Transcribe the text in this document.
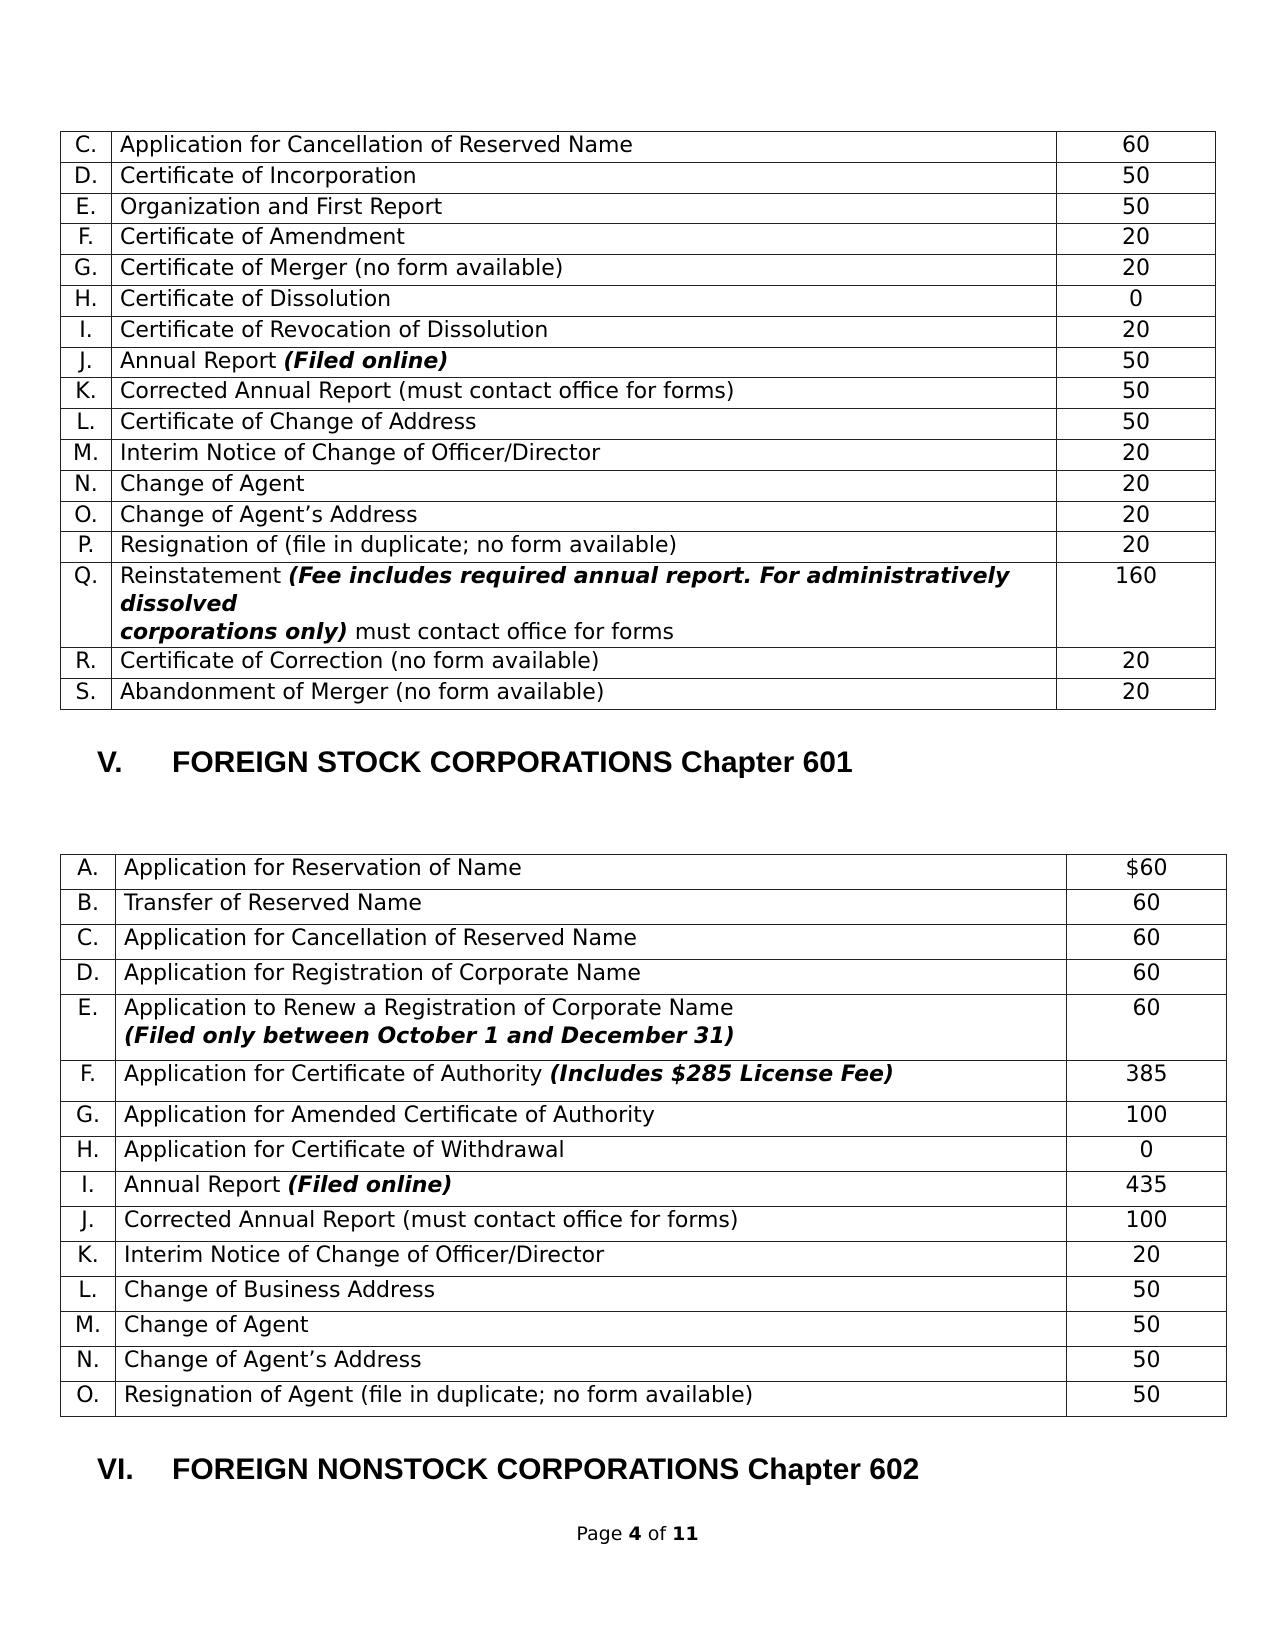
C.	Application for Cancellation of Reserved Name	60
D.	Certificate of Incorporation	50
E.	Organization and First Report	50
F.	Certificate of Amendment	20
G.	Certificate of Merger (no form available)	20
H.	Certificate of Dissolution	0
I.	Certificate of Revocation of Dissolution	20
J.	Annual Report (Filed online)	50
K.	Corrected Annual Report (must contact office for forms)	50
L.	Certificate of Change of Address	50
M.	Interim Notice of Change of Officer/Director	20
N.	Change of Agent	20
O.	Change of Agent’s Address	20
P.	Resignation of (file in duplicate; no form available)	20
Q.	Reinstatement (Fee includes required annual report. For administratively dissolved
corporations only) must contact office for forms	160
R.	Certificate of Correction (no form available)	20
S.	Abandonment of Merger (no form available)	20
V. FOREIGN STOCK CORPORATIONS Chapter 601
A.	Application for Reservation of Name	$60
B.	Transfer of Reserved Name	60
C.	Application for Cancellation of Reserved Name	60
D.	Application for Registration of Corporate Name	60
E.	Application to Renew a Registration of Corporate Name
(Filed only between October 1 and December 31)	60
F.	Application for Certificate of Authority (Includes $285 License Fee)	385
G.	Application for Amended Certificate of Authority	100
H.	Application for Certificate of Withdrawal	0
I.	Annual Report (Filed online)	435
J.	Corrected Annual Report (must contact office for forms)	100
K.	Interim Notice of Change of Officer/Director	20
L.	Change of Business Address	50
M.	Change of Agent	50
N.	Change of Agent’s Address	50
O.	Resignation of Agent (file in duplicate; no form available)	50
VI. FOREIGN NONSTOCK CORPORATIONS Chapter 602
Page 4 of 11
